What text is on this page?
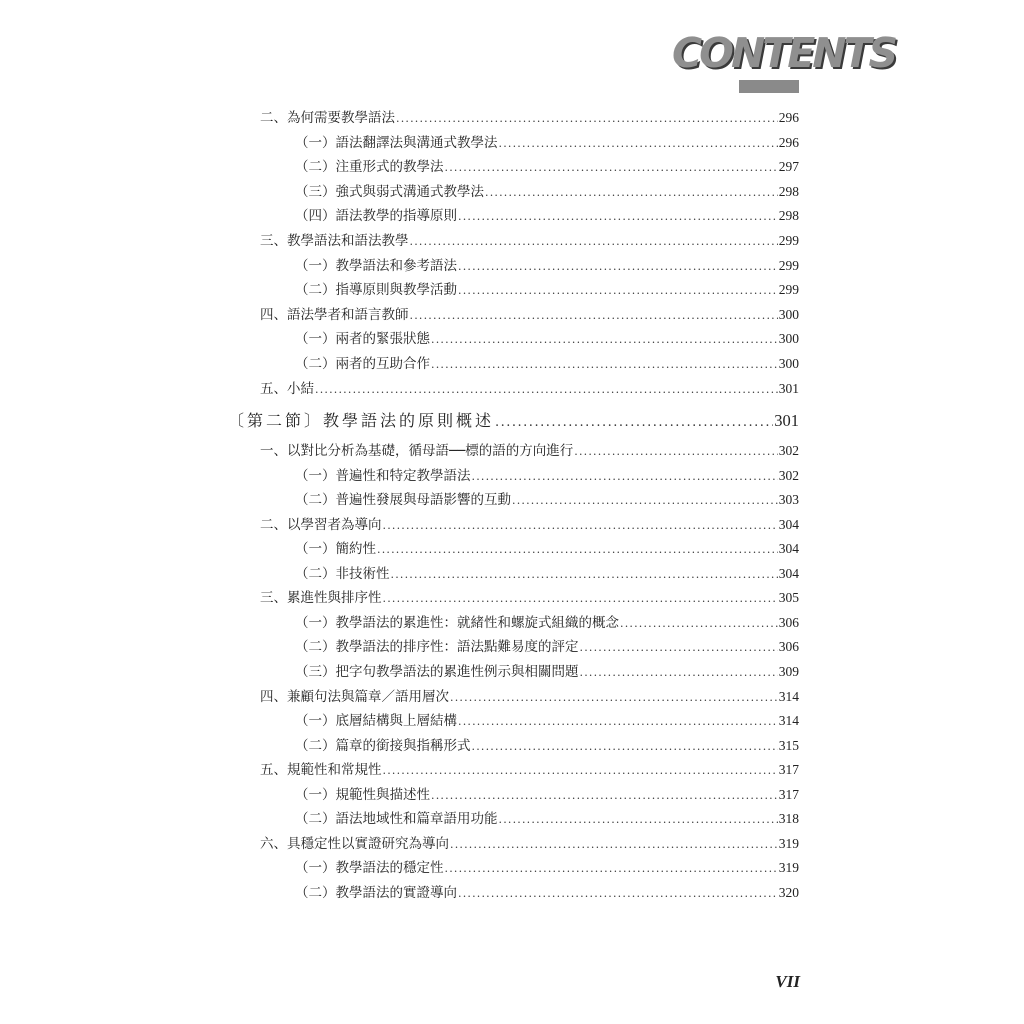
CONTENTS
二、為何需要教學語法 .....	296
（一）語法翻譯法與溝通式教學法 .....	296
（二）注重形式的教學法 .....	297
（三）強式與弱式溝通式教學法 .....	298
（四）語法教學的指導原則 .....	298
三、教學語法和語法教學 .....	299
（一）教學語法和參考語法 .....	299
（二）指導原則與教學活動 .....	299
四、語法學者和語言教師 .....	300
（一）兩者的緊張狀態 .....	300
（二）兩者的互助合作 .....	300
五、小結 .....	301
〔第二節〕教學語法的原則概述 .....	301
一、以對比分析為基礎，循母語──標的語的方向進行 .....	302
（一）普遍性和特定教學語法 .....	302
（二）普遍性發展與母語影響的互動 .....	303
二、以學習者為導向 .....	304
（一）簡約性 .....	304
（二）非技術性 .....	304
三、累進性與排序性 .....	305
（一）教學語法的累進性：就緒性和螺旋式組織的概念 .....	306
（二）教學語法的排序性：語法點難易度的評定 .....	306
（三）把字句教學語法的累進性例示與相關問題 .....	309
四、兼顧句法與篇章／語用層次 .....	314
（一）底層結構與上層結構 .....	314
（二）篇章的銜接與指稱形式 .....	315
五、規範性和常規性 .....	317
（一）規範性與描述性 .....	317
（二）語法地域性和篇章語用功能 .....	318
六、具穩定性以實證研究為導向 .....	319
（一）教學語法的穩定性 .....	319
（二）教學語法的實證導向 .....	320
VII
